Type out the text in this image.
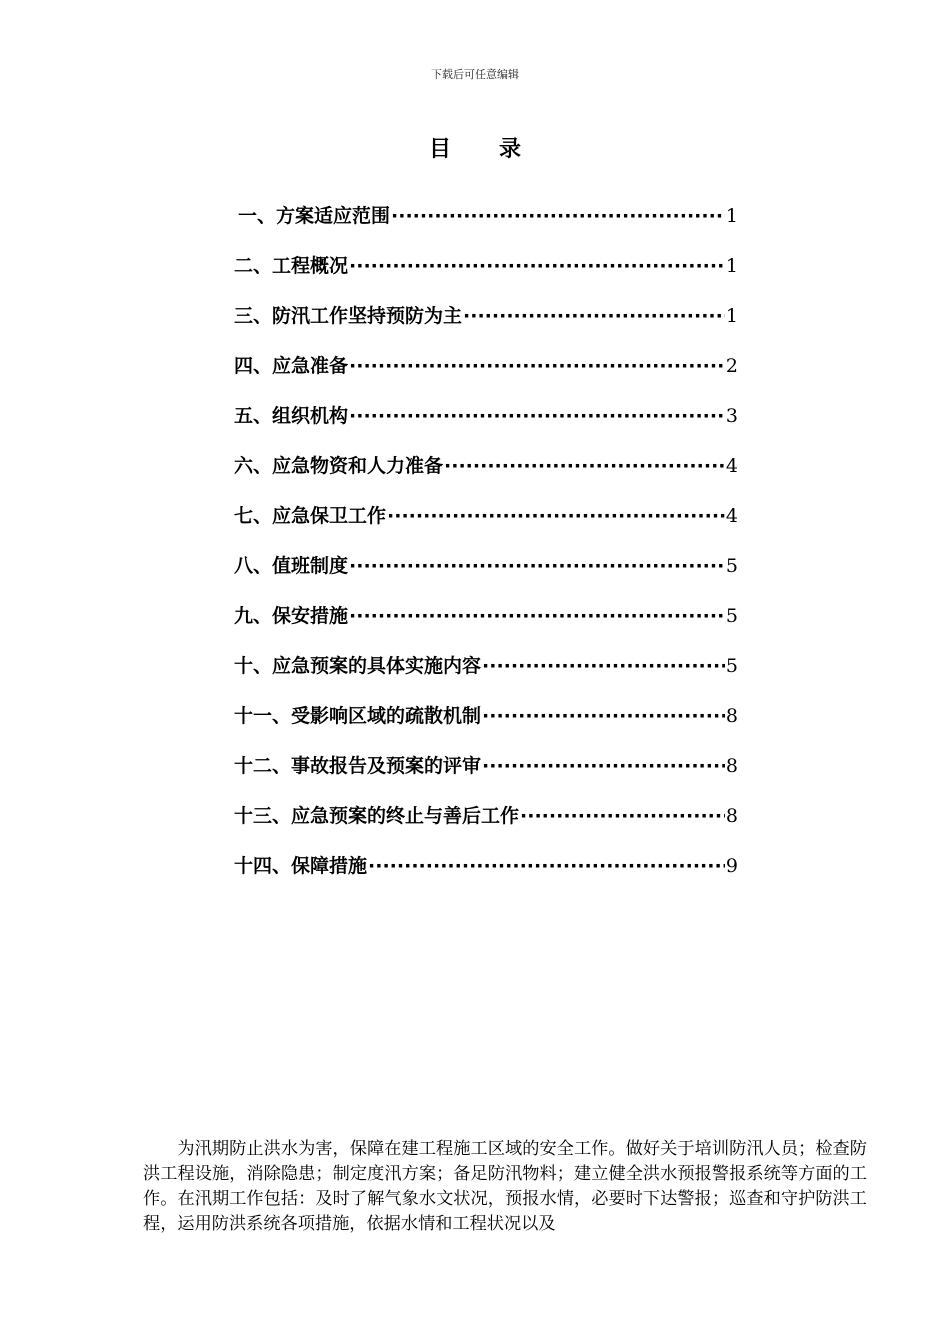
下载后可任意编辑
目 录
一、方案适应范围 ·····	1
二、工程概况 ·····	1
三、防汛工作坚持预防为主 ·····	1
四、应急准备 ·····	2
五、组织机构 ·····	3
六、应急物资和人力准备 ·····	4
七、应急保卫工作 ·····	4
八、值班制度 ·····	5
九、保安措施 ·····	5
十、应急预案的具体实施内容 ·····	5
十一、受影响区域的疏散机制 ·····	8
十二、事故报告及预案的评审 ·····	8
十三、应急预案的终止与善后工作 ·····	8
十四、保障措施 ·····	9

为汛期防止洪水为害，保障在建工程施工区域的安全工作。做好关于培训防汛人员；检查防洪工程设施，消除隐患；制定度汛方案；备足防汛物料；建立健全洪水预报警报系统等方面的工作。在汛期工作包括：及时了解气象水文状况，预报水情，必要时下达警报；巡查和守护防洪工程，运用防洪系统各项措施，依据水情和工程状况以及
